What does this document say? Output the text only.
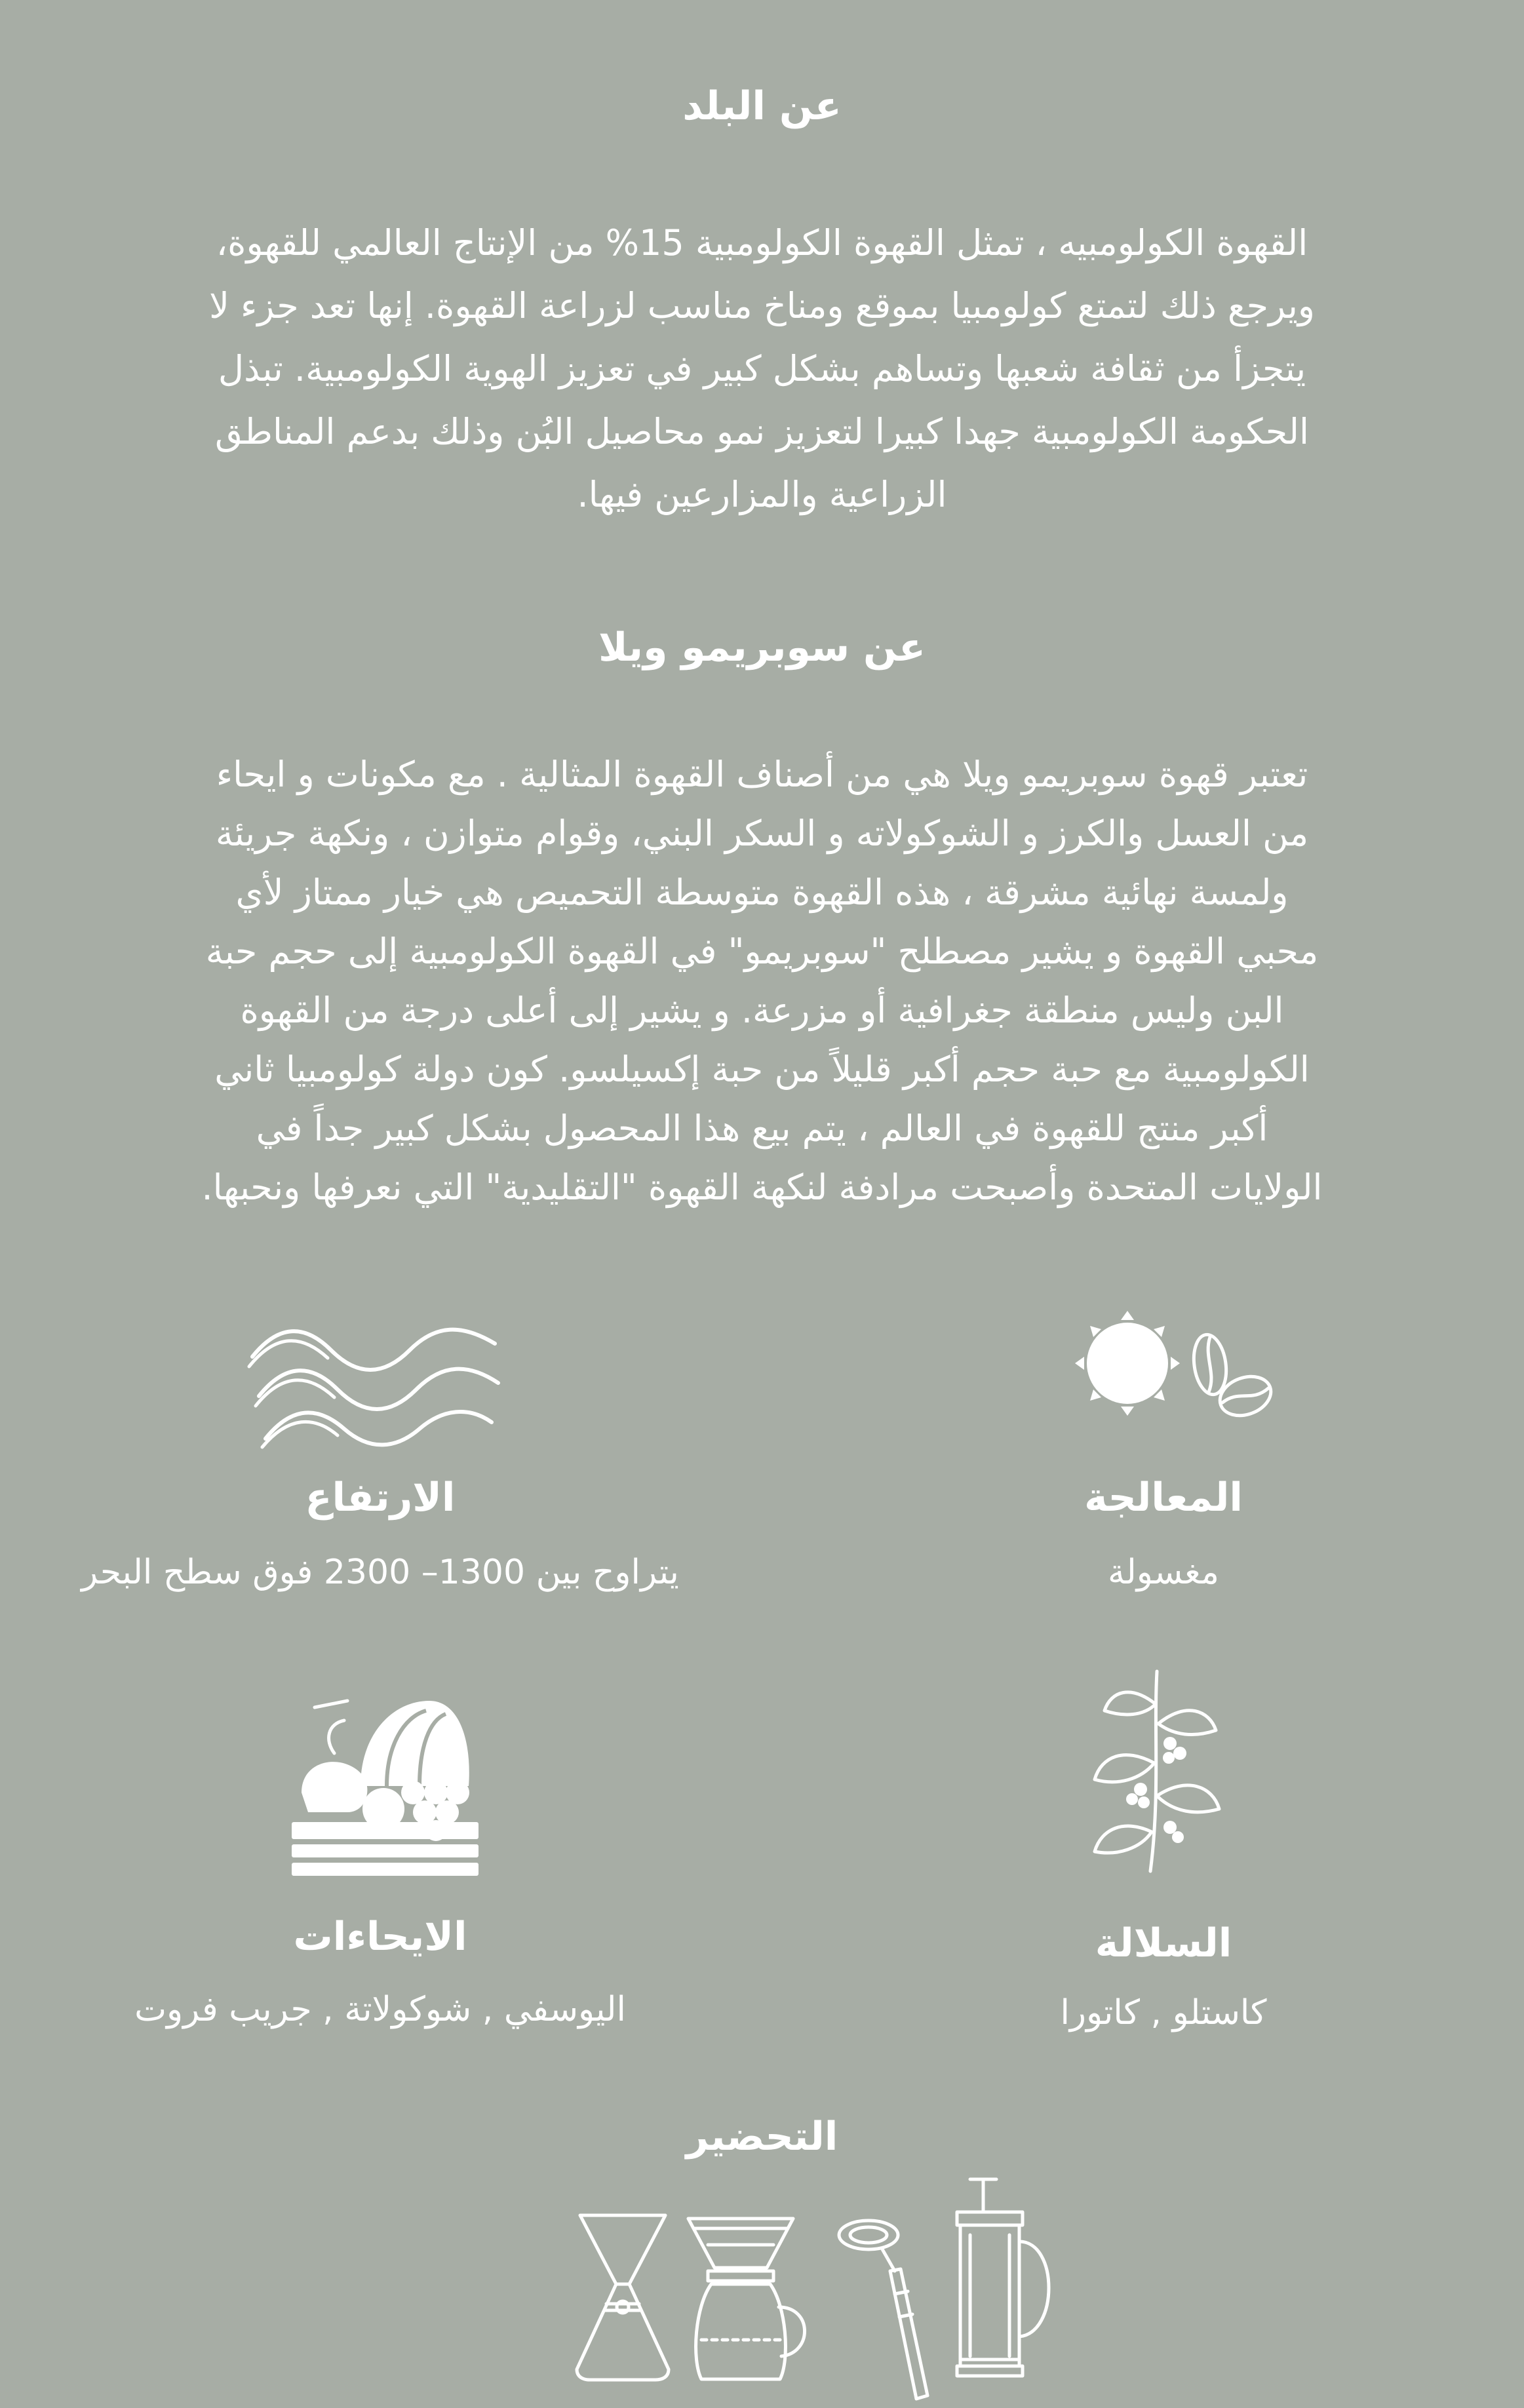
عن البلد
القهوة الكولومبيه ، تمثل القهوة الكولومبية 15% من الإنتاج العالمي للقهوة،
ويرجع ذلك لتمتع كولومبيا بموقع ومناخ مناسب لزراعة القهوة. إنها تعد جزء لا
يتجزأ من ثقافة شعبها وتساهم بشكل كبير في تعزيز الهوية الكولومبية. تبذل
الحكومة الكولومبية جهدا كبيرا لتعزيز نمو محاصيل البُن وذلك بدعم المناطق
الزراعية والمزارعين فيها.
عن سوبريمو ويلا
تعتبر قهوة سوبريمو ويلا هي من أصناف القهوة المثالية . مع مكونات و ايحاء
من العسل والكرز و الشوكولاته و السكر البني، وقوام متوازن ، ونكهة جريئة
ولمسة نهائية مشرقة ، هذه القهوة متوسطة التحميص هي خيار ممتاز لأي
محبي القهوة و يشير مصطلح "سوبريمو" في القهوة الكولومبية إلى حجم حبة
البن وليس منطقة جغرافية أو مزرعة. و يشير إلى أعلى درجة من القهوة
الكولومبية مع حبة حجم أكبر قليلاً من حبة إكسيلسو. كون دولة كولومبيا ثاني
أكبر منتج للقهوة في العالم ، يتم بيع هذا المحصول بشكل كبير جداً في
الولايات المتحدة وأصبحت مرادفة لنكهة القهوة "التقليدية" التي نعرفها ونحبها.
المعالجة
مغسولة
الارتفاع
يتراوح بين 1300– 2300 فوق سطح البحر
السلالة
كاستلو , كاتورا
الايحاءات
اليوسفي , شوكولاتة , جريب فروت
التحضير
